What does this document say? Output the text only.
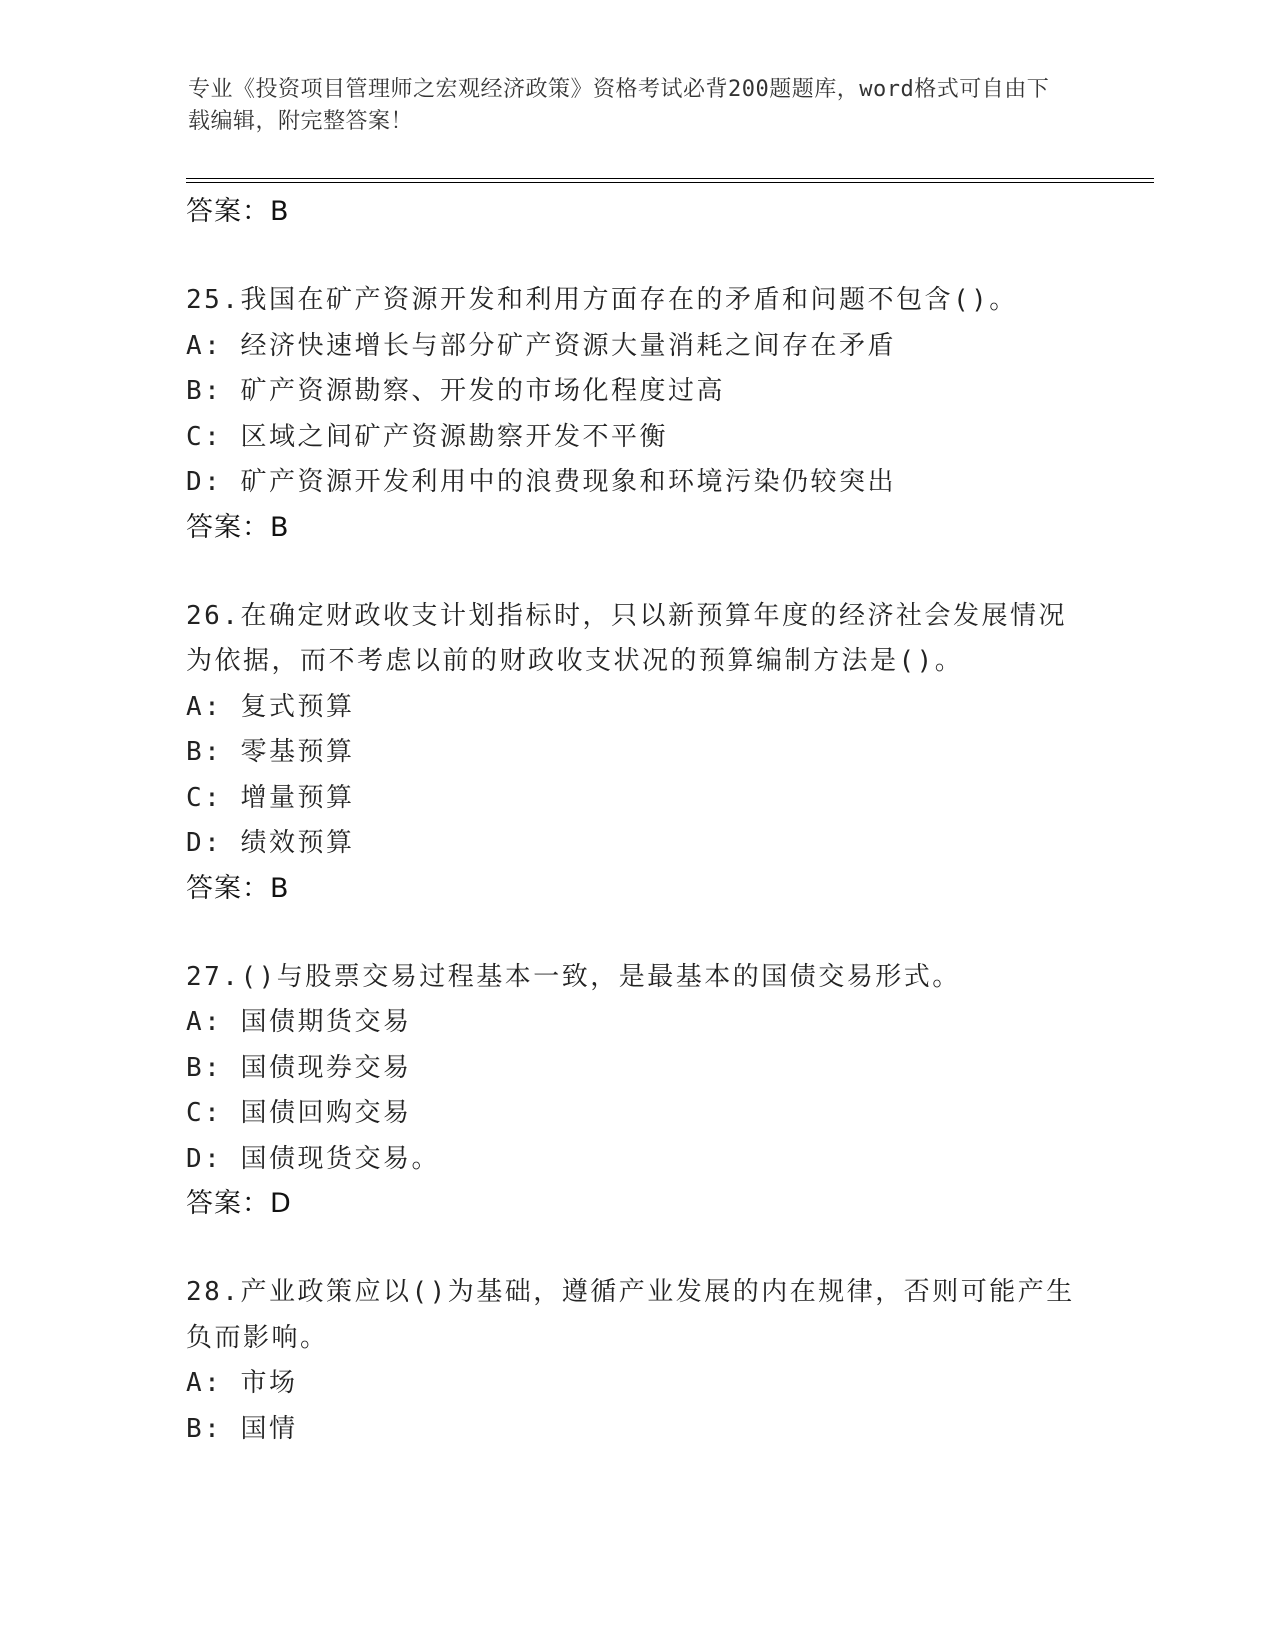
专业《投资项目管理师之宏观经济政策》资格考试必背200题题库，word格式可自由下载编辑，附完整答案！
答案：B
25.我国在矿产资源开发和利用方面存在的矛盾和问题不包含()。
A: 经济快速增长与部分矿产资源大量消耗之间存在矛盾
B: 矿产资源勘察、开发的市场化程度过高
C: 区域之间矿产资源勘察开发不平衡
D: 矿产资源开发利用中的浪费现象和环境污染仍较突出
答案：B
26.在确定财政收支计划指标时，只以新预算年度的经济社会发展情况为依据，而不考虑以前的财政收支状况的预算编制方法是()。
A: 复式预算
B: 零基预算
C: 增量预算
D: 绩效预算
答案：B
27.()与股票交易过程基本一致，是最基本的国债交易形式。
A: 国债期货交易
B: 国债现券交易
C: 国债回购交易
D: 国债现货交易。
答案：D
28.产业政策应以()为基础，遵循产业发展的内在规律，否则可能产生负而影响。
A: 市场
B: 国情
